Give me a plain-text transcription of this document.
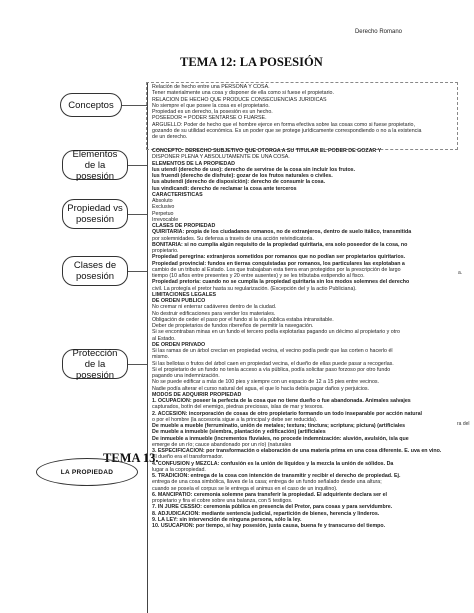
Derecho Romano
TEMA 12: LA POSESIÓN
Conceptos
Elementos de la posesión
Propiedad vs posesión
Clases de posesión
Protección de la posesión
Relación de hecho entre una PERSONA Y COSA.
Tener materialmente una cosa y disponer de ella como si fuese el propietario.
RELACIÓN DE HECHO QUE PRODUCE CONSECUENCIAS JURÍDICAS
No siempre el que posee la cosa es el propietario.
Propiedad es un derecho, la posesión es un hecho.
POSEEDOR = PODER SENTARSE O FUARSE.
ARGÜELLO: Poder de hecho que el hombre ejerce en forma efectiva sobre las cosas como si fuese propietario,
gozando de su utilidad económica. Es un poder que se protege jurídicamente correspondiendo o no a la existencia
de un derecho.
CONCEPTO: DERECHO SUBJETIVO QUE OTORGA A SU TITULAR EL PODER DE GOZAR Y
DISPONER PLENA Y ABSOLUTAMENTE DE UNA COSA.
ELEMENTOS DE LA PROPIEDAD
Ius utendi (derecho de uso): derecho de servirse de la cosa sin incluir los frutos.
Ius fruendi (derecho de disfrute): gozar de los frutos naturales o civiles.
Ius abutendi (derecho de disposición): derecho de consumir la cosa.
Ius vindicandi: derecho de reclamar la cosa ante terceros
CARACTERÍSTICAS
Absoluto
Exclusivo
Perpetuo
Irrevocable
CLASES DE PROPIEDAD
QUIRITARIA: propia de los ciudadanos romanos, no de extranjeros, dentro de suelo itálico, transmitida
por solemnidades. Su defensa a través de una acción reivindicatoria.
BONITARIA: si no cumplía algún requisito de la propiedad quiritaria, era solo poseedor de la cosa, no
propietario.
Propiedad peregrina: extranjeros sometidos por romanos que no podían ser propietarios quiritarios.
Propiedad provincial: fundos en tierras conquistadas por romanos, los particulares las explotaban a
cambio de un tributo al Estado. Los que trabajaban esta tierra eran protegidos por la prescripción de largo
tiempo (10 años entre presentes y 20 entre ausentes) y se les tributaba estipendio al fisco.
Propiedad pretoria: cuando no se cumplía la propiedad quiritaria sin los modos solemnes del derecho
civil. La protegía el pretor hasta su regularización. (Excepción del y la actio Publiciana).
LIMITACIONES LEGALES
DE ORDEN PÚBLICO
No cremar ni enterrar cadáveres dentro de la ciudad.
No destruir edificaciones para vender los materiales.
Obligación de ceder el paso por el fundo si la vía pública estaba intransitable.
Deber de propietarios de fundos ribereños de permitir la navegación.
Si se encontraban minas en un fundo el tercero podía explotarlas pagando un décimo al propietario y otro
al Estado.
DE ORDEN PRIVADO
Si las ramas de un árbol crecían en propiedad vecina, el vecino podía pedir que las corten o hacerlo él
mismo.
Si las bellotas o frutos del árbol caen en propiedad vecina, el dueño de ellas puede pasar a recogerlas.
Si el propietario de un fundo no tenía acceso a vía pública, podía solicitar paso forzoso por otro fundo
pagando una indemnización.
No se puede edificar a más de 100 pies y siempre con un espacio de 12 a 15 pies entre vecinos.
Nadie podía alterar el curso natural del agua, el que lo hacía debía pagar daños y perjuicios.
MODOS DE ADQUIRIR PROPIEDAD
1. OCUPACIÓN: poseer la perfecta de la cosa que no tiene dueño o fue abandonada. Animales salvajes
capturados, botín del enemigo, piedras preciosas, islas de mar y tesoros.
2. ACCESIÓN: incorporación de cosas de otro propietario formando un todo inseparable por acción natural
o por el hombre (la accesoria sigue a la principal y debe ser reducida).
De mueble a mueble (ferruminatio, unión de metales; textura; tinctura; scriptura; pictura) (artificiales
De mueble a inmueble (siembra, plantación y edificación) (artificiales
De inmueble a inmueble (incrementos fluviales, no procede indemnización: aluvión, avulsión, isla que
emerge de un río; cauce abandonado por un río) (naturales
3. ESPECIFICACIÓN: por transformación o elaboración de una materia prima en una cosa diferente. E. uva en vino.
El dueño era el transformador.
4. CONFUSIÓN y MEZCLA: confusión es la unión de líquidos y la mezcla la unión de sólidos. Da
lugar a la copropiedad.
5. TRADICIÓN: entrega de la cosa con intención de transmitir y recibir el derecho de propiedad. Ej.
entrega de una cosa simbólica, llaves de la casa; entrega de un fundo señalado desde una altura;
cuando se poseía el corpus se le entrega el animus en el caso de un inquilino).
6. MANCIPATIO: ceremonia solemne para transferir la propiedad. El adquiriente declara ser el
propietario y fira el cobre sobre una balanza, con 5 testigos.
7. IN JURE CESSIO: ceremonia pública en presencia del Pretor, para cosas y para servidumbre.
8. ADJUDICACIÓN: mediante sentencia judicial, repartición de bienes, herencia y linderos.
9. LA LEY: sin intervención de ninguna persona, sólo la ley.
10. USUCAPIÓN: por tiempo, si hay posesión, justa causa, buena fe y transcurso del tiempo.
a.
ra del
TEMA 13.
LA PROPIEDAD
